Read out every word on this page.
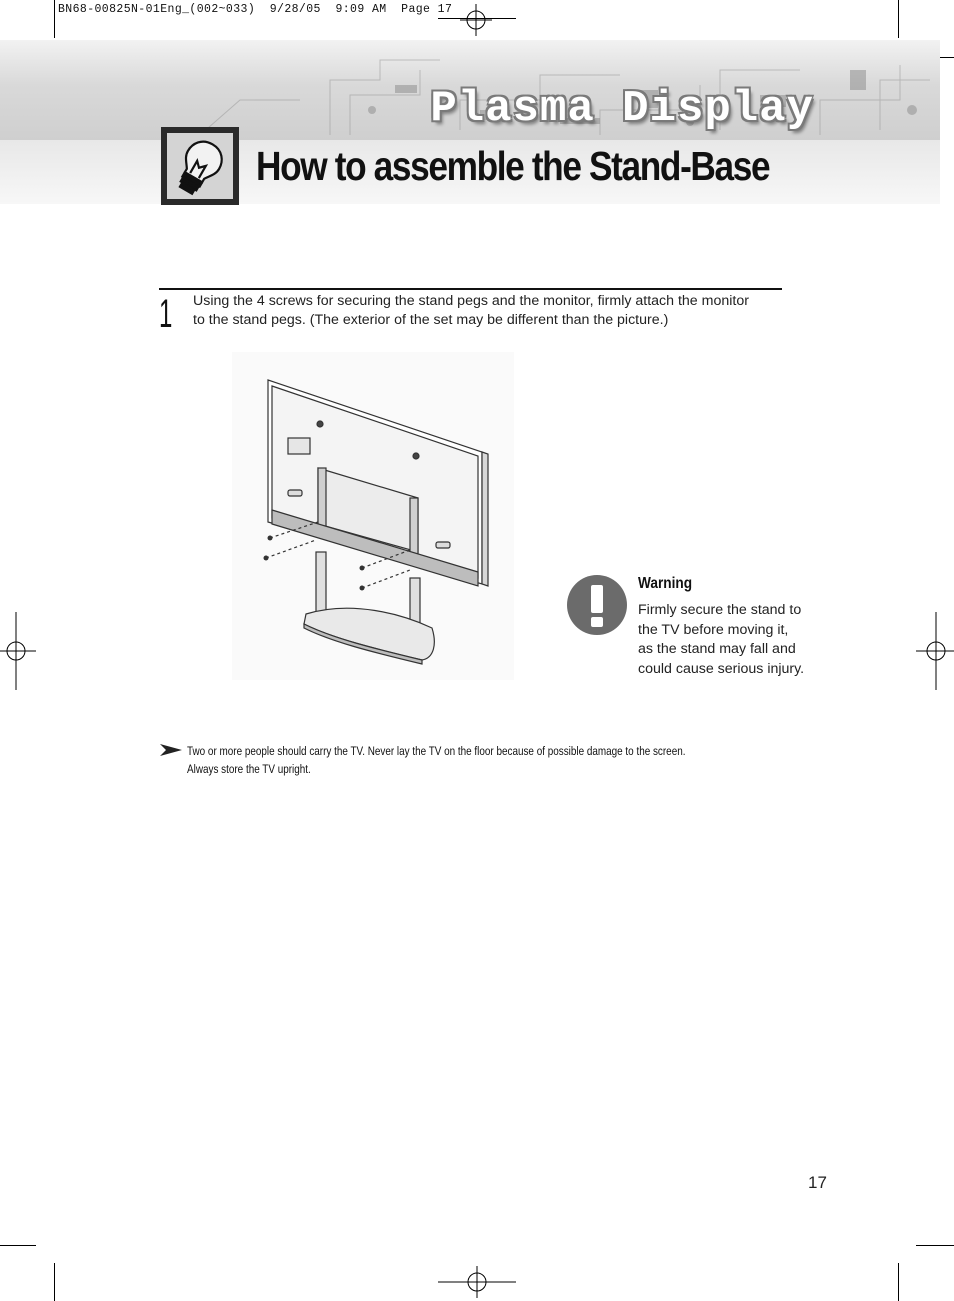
BN68-00825N-01Eng_(002~033)  9/28/05  9:09 AM  Page 17
Plasma Display
How to assemble the Stand-Base
1 Using the 4 screws for securing the stand pegs and the monitor, firmly attach the monitor
to the stand pegs. (The exterior of the set may be different than the picture.)
Warning
Firmly secure the stand to
the TV before moving it,
as the stand may fall and
could cause serious injury.
Two or more people should carry the TV. Never lay the TV on the floor because of possible damage to the screen.
Always store the TV upright.
17
